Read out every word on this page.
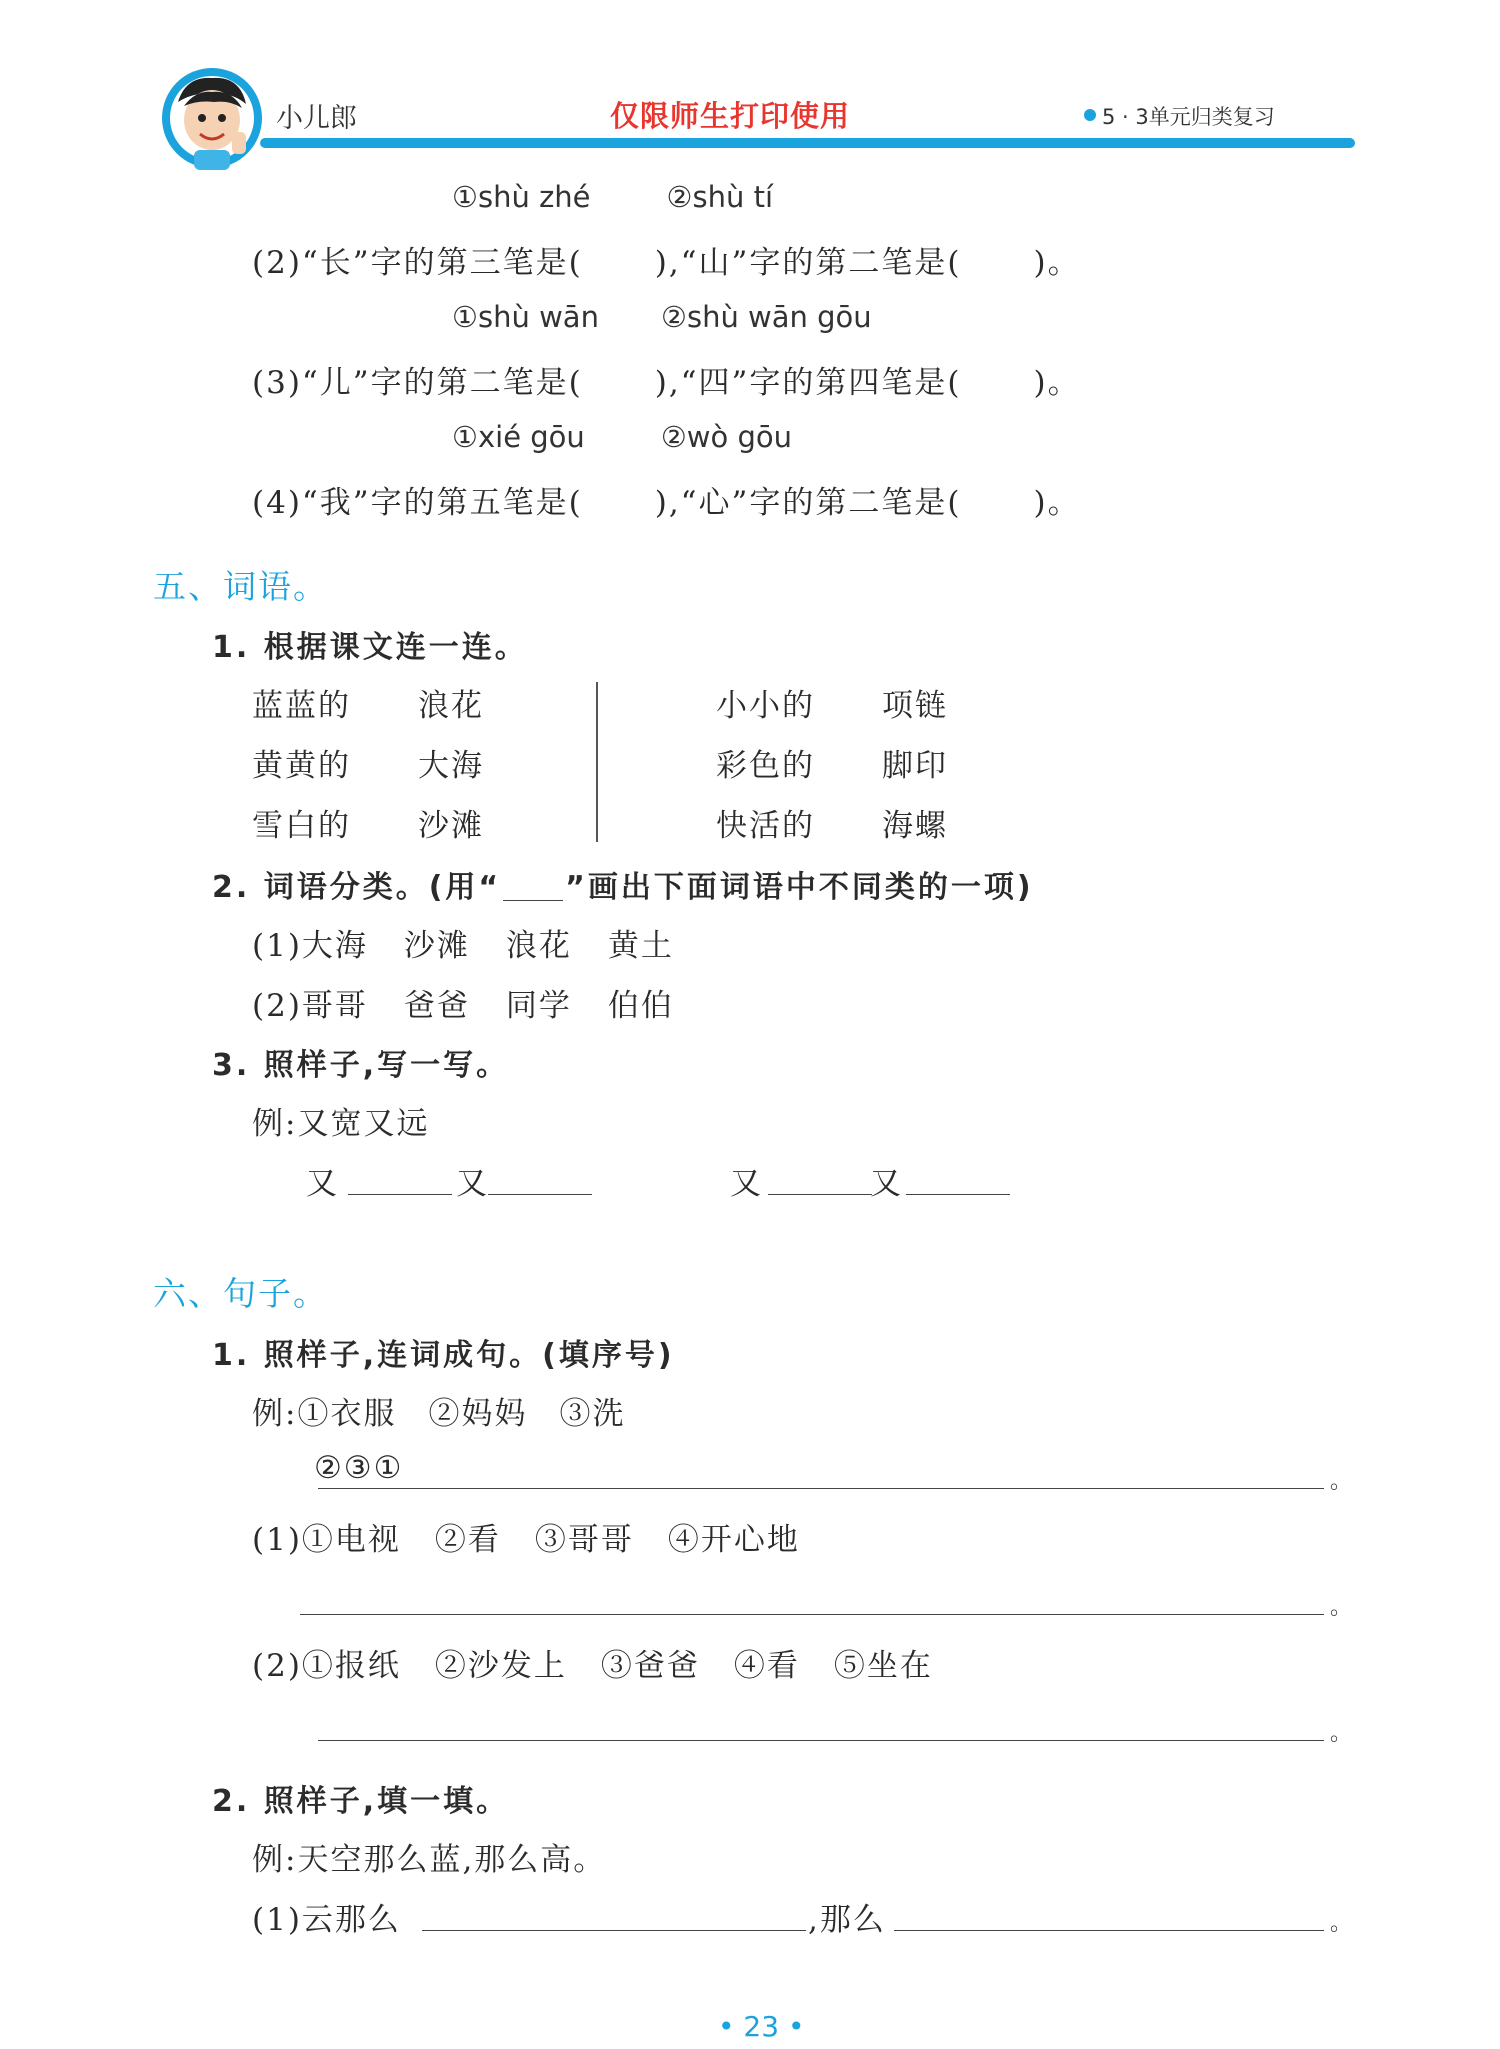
小儿郎	仅限师生打印使用	5 · 3单元归类复习
①shù zhé	②shù tí
(2)“长”字的第三笔是( ),“山”字的第二笔是( )。
①shù wān ②shù wān gōu
(3)“儿”字的第二笔是( ),“四”字的第四笔是( )。
①xié gōu	②wò gōu
(4)“我”字的第五笔是( ),“心”字的第二笔是( )。
五、词语。
1. 根据课文连一连。
蓝蓝的 浪花
黄黄的 大海
雪白的 沙滩
小小的 项链
彩色的 脚印
快活的 海螺
2. 词语分类。(用“ ”画出下面词语中不同类的一项)
(1)大海 沙滩 浪花 黄土
(2)哥哥 爸爸 同学 伯伯
3. 照样子,写一写。
例:又宽又远
又	又	又	又
六、句子。
1. 照样子,连词成句。(填序号)
例:①衣服 ②妈妈 ③洗
②③①	。
(1)①电视 ②看 ③哥哥 ④开心地
。
(2)①报纸 ②沙发上 ③爸爸 ④看 ⑤坐在
。
2. 照样子,填一填。
例:天空那么蓝,那么高。
(1)云那么	,那么	。
• 23 •
